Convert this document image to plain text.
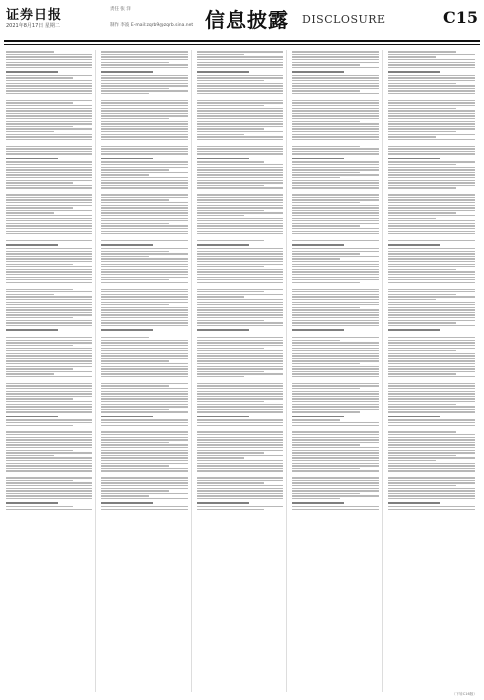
证券日报
2021年8月17日 星期二
责任 张 洋
制作 李波 E-mail:zqrb9@zqrb.sina.net 信息披露 DISCLOSURE	C15
（下转C16版）
